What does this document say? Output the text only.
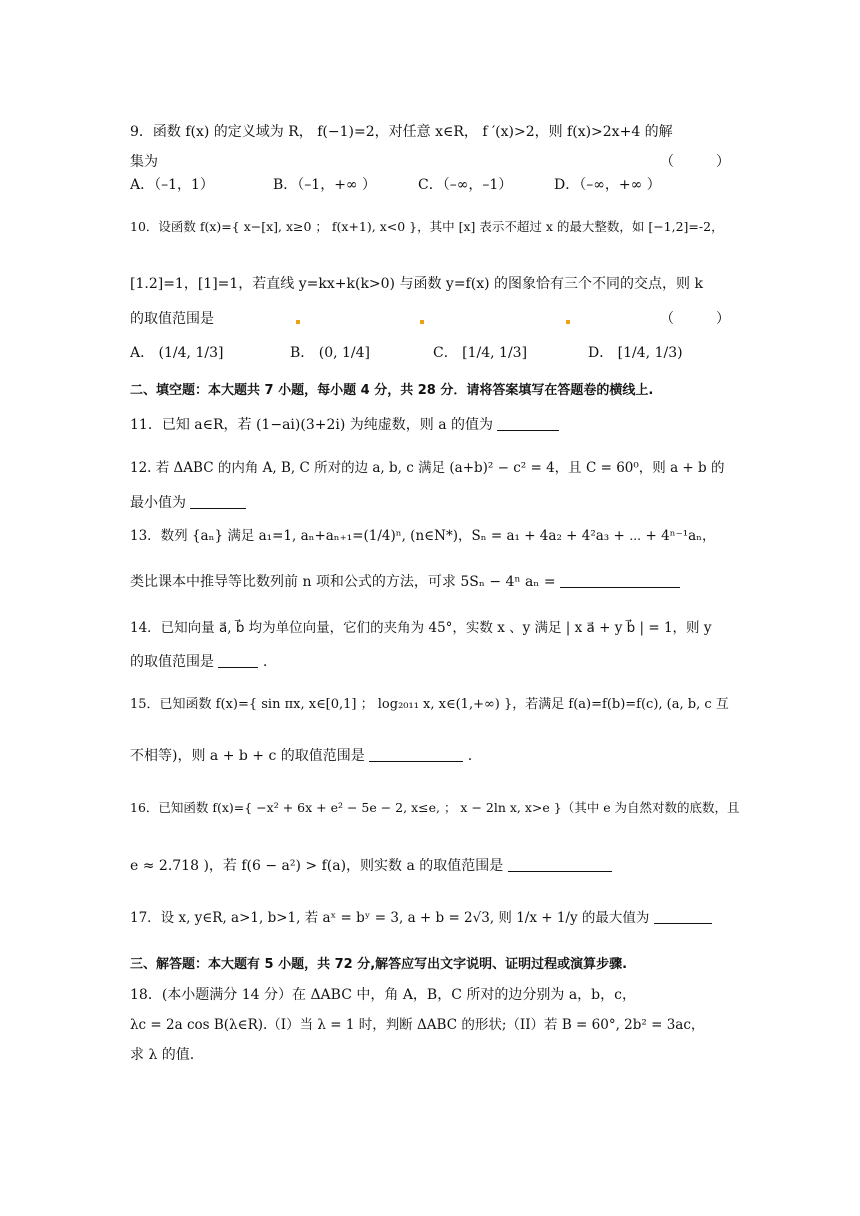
9．函数 f(x) 的定义域为 R， f(−1)=2，对任意 x∈R， f ′(x)>2，则 f(x)>2x+4 的解
集为	（　　　）
A．（–1，1）	B．（–1，+∞ ）	C．（–∞，–1）	D．（–∞，+∞ ）
10．设函数 f(x)={ x−[x], x≥0 ； f(x+1), x<0 }，其中 [x] 表示不超过 x 的最大整数，如 [−1,2]=-2，
[1.2]=1，[1]=1，若直线 y=kx+k(k>0) 与函数 y=f(x) 的图象恰有三个不同的交点，则 k
的取值范围是	（　　　）
A． (1/4, 1/3]	B． (0, 1/4]	C． [1/4, 1/3]	D． [1/4, 1/3)
二、填空题：本大题共 7 小题，每小题 4 分，共 28 分．请将答案填写在答题卷的横线上.
11．已知 a∈R，若 (1−ai)(3+2i) 为纯虚数，则 a 的值为
12. 若 ΔABC 的内角 A, B, C 所对的边 a, b, c 满足 (a+b)² − c² = 4，且 C = 60⁰，则 a + b 的
最小值为
13．数列 {aₙ} 满足 a₁=1, aₙ+aₙ₊₁=(1/4)ⁿ, (n∈N*)，Sₙ = a₁ + 4a₂ + 4²a₃ + ⋯ + 4ⁿ⁻¹aₙ，
类比课本中推导等比数列前 n 项和公式的方法，可求 5Sₙ − 4ⁿ aₙ =
14．已知向量 a⃗, b⃗ 均为单位向量，它们的夹角为 45°，实数 x 、y 满足 | x a⃗ + y b⃗ | = 1，则 y
的取值范围是	.
15．已知函数 f(x)={ sin πx, x∈[0,1] ； log₂₀₁₁ x, x∈(1,+∞) }，若满足 f(a)=f(b)=f(c), (a, b, c 互
不相等)，则 a + b + c 的取值范围是	.
16．已知函数 f(x)={ −x² + 6x + e² − 5e − 2, x≤e, ； x − 2ln x, x>e }（其中 e 为自然对数的底数，且
e ≈ 2.718 )，若 f(6 − a²) > f(a)，则实数 a 的取值范围是
17．设 x, y∈R, a>1, b>1, 若 aˣ = bʸ = 3, a + b = 2√3, 则 1/x + 1/y 的最大值为
三、解答题：本大题有 5 小题，共 72 分,解答应写出文字说明、证明过程或演算步骤.
18．(本小题满分 14 分）在 ΔABC 中，角 A，B，C 所对的边分别为 a，b，c，
λc = 2a cos B(λ∈R).（I）当 λ = 1 时，判断 ΔABC 的形状;（II）若 B = 60°, 2b² = 3ac，
求 λ 的值.
